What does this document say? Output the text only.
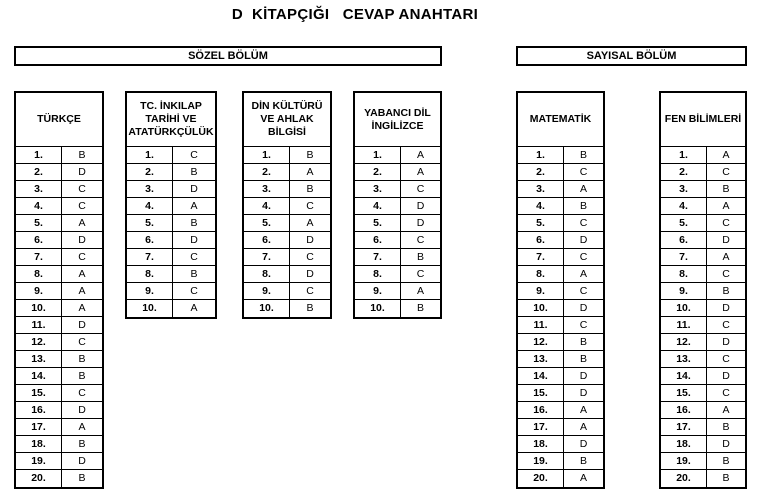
D  KİTAPÇIĞI   CEVAP ANAHTARI
SÖZEL BÖLÜM	SAYISAL BÖLÜM
TÜRKÇE
1.	B
2.	D
3.	C
4.	C
5.	A
6.	D
7.	C
8.	A
9.	A
10.	A
11.	D
12.	C
13.	B
14.	B
15.	C
16.	D
17.	A
18.	B
19.	D
20.	B
TC. İNKILAP TARİHİ VE ATATÜRKÇÜLÜK
1.	C
2.	B
3.	D
4.	A
5.	B
6.	D
7.	C
8.	B
9.	C
10.	A
DİN KÜLTÜRÜ VE AHLAK BİLGİSİ
1.	B
2.	A
3.	B
4.	C
5.	A
6.	D
7.	C
8.	D
9.	C
10.	B
YABANCI DİL İNGİLİZCE
1.	A
2.	A
3.	C
4.	D
5.	D
6.	C
7.	B
8.	C
9.	A
10.	B
MATEMATİK
1.	B
2.	C
3.	A
4.	B
5.	C
6.	D
7.	C
8.	A
9.	C
10.	D
11.	C
12.	B
13.	B
14.	D
15.	D
16.	A
17.	A
18.	D
19.	B
20.	A
FEN BİLİMLERİ
1.	A
2.	C
3.	B
4.	A
5.	C
6.	D
7.	A
8.	C
9.	B
10.	D
11.	C
12.	D
13.	C
14.	D
15.	C
16.	A
17.	B
18.	D
19.	B
20.	B
